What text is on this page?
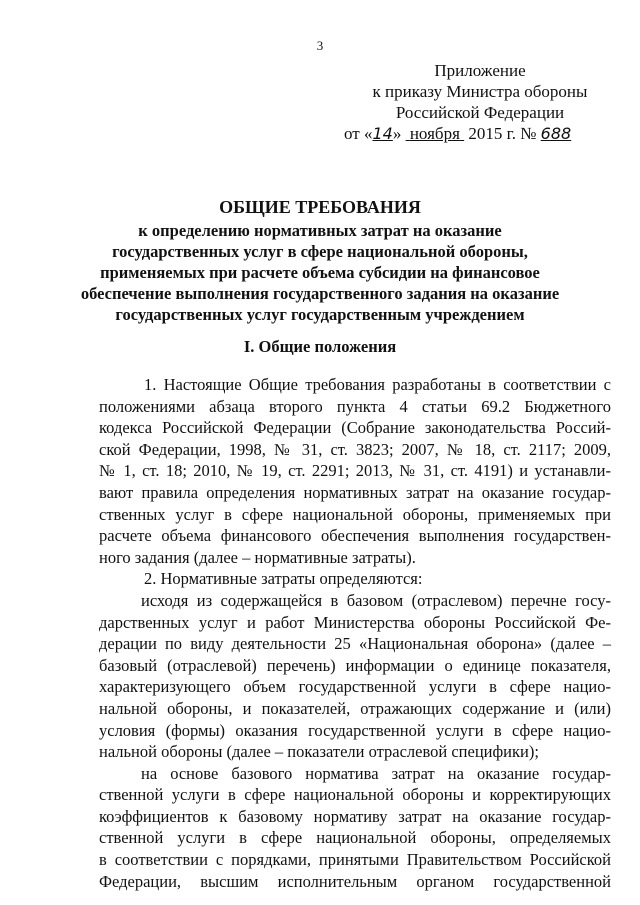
3
Приложение
к приказу Министра обороны
Российской Федерации
от «14» ноября 2015 г. № 688
ОБЩИЕ ТРЕБОВАНИЯ
к определению нормативных затрат на оказание
государственных услуг в сфере национальной обороны,
применяемых при расчете объема субсидии на финансовое
обеспечение выполнения государственного задания на оказание
государственных услуг государственным учреждением
I. Общие положения

1. Настоящие Общие требования разработаны в соответствии с

положениями абзаца второго пункта 4 статьи 69.2 Бюджетного

кодекса Российской Федерации (Собрание законодательства Россий-

ской Федерации, 1998, № 31, ст. 3823; 2007, № 18, ст. 2117; 2009,

№ 1, ст. 18; 2010, № 19, ст. 2291; 2013, № 31, ст. 4191) и устанавли-

вают правила определения нормативных затрат на оказание государ-

ственных услуг в сфере национальной обороны, применяемых при

расчете объема финансового обеспечения выполнения государствен-

ного задания (далее – нормативные затраты).

2. Нормативные затраты определяются:

исходя из содержащейся в базовом (отраслевом) перечне госу-

дарственных услуг и работ Министерства обороны Российской Фе-

дерации по виду деятельности 25 «Национальная оборона» (далее –

базовый (отраслевой) перечень) информации о единице показателя,

характеризующего объем государственной услуги в сфере нацио-

нальной обороны, и показателей, отражающих содержание и (или)

условия (формы) оказания государственной услуги в сфере нацио-

нальной обороны (далее – показатели отраслевой специфики);

на основе базового норматива затрат на оказание государ-

ственной услуги в сфере национальной обороны и корректирующих

коэффициентов к базовому нормативу затрат на оказание государ-

ственной услуги в сфере национальной обороны, определяемых

в соответствии с порядками, принятыми Правительством Российской

Федерации, высшим исполнительным органом государственной
